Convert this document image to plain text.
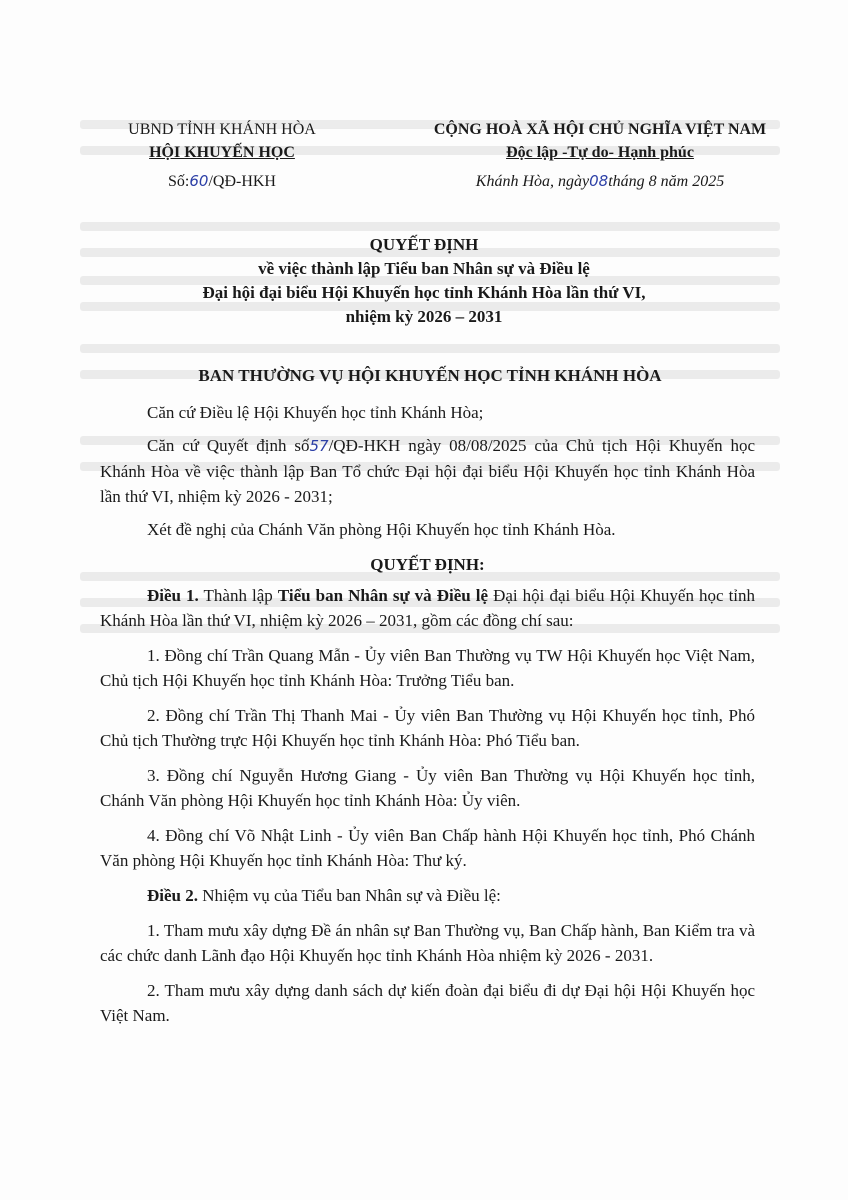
UBND TỈNH KHÁNH HÒA
HỘI KHUYẾN HỌC
Số:60/QĐ-HKH
CỘNG HOÀ XÃ HỘI CHỦ NGHĨA VIỆT NAM
Độc lập -Tự do- Hạnh phúc
Khánh Hòa, ngày08tháng 8 năm 2025
QUYẾT ĐỊNH
về việc thành lập Tiểu ban Nhân sự và Điều lệ
Đại hội đại biểu Hội Khuyến học tỉnh Khánh Hòa lần thứ VI,
nhiệm kỳ 2026 – 2031
BAN THƯỜNG VỤ HỘI KHUYẾN HỌC TỈNH KHÁNH HÒA

Căn cứ Điều lệ Hội Khuyến học tỉnh Khánh Hòa;

Căn cứ Quyết định số57/QĐ-HKH ngày 08/08/2025 của Chủ tịch Hội Khuyến học Khánh Hòa về việc thành lập Ban Tổ chức Đại hội đại biểu Hội Khuyến học tỉnh Khánh Hòa lần thứ VI, nhiệm kỳ 2026 - 2031;

Xét đề nghị của Chánh Văn phòng Hội Khuyến học tỉnh Khánh Hòa.

QUYẾT ĐỊNH:

Điều 1. Thành lập Tiểu ban Nhân sự và Điều lệ Đại hội đại biểu Hội Khuyến học tỉnh Khánh Hòa lần thứ VI, nhiệm kỳ 2026 – 2031, gồm các đồng chí sau:

1. Đồng chí Trần Quang Mẫn - Ủy viên Ban Thường vụ TW Hội Khuyến học Việt Nam, Chủ tịch Hội Khuyến học tỉnh Khánh Hòa: Trưởng Tiểu ban.

2. Đồng chí Trần Thị Thanh Mai - Ủy viên Ban Thường vụ Hội Khuyến học tỉnh, Phó Chủ tịch Thường trực Hội Khuyến học tỉnh Khánh Hòa: Phó Tiểu ban.

3. Đồng chí Nguyễn Hương Giang - Ủy viên Ban Thường vụ Hội Khuyến học tỉnh, Chánh Văn phòng Hội Khuyến học tỉnh Khánh Hòa: Ủy viên.

4. Đồng chí Võ Nhật Linh - Ủy viên Ban Chấp hành Hội Khuyến học tỉnh, Phó Chánh Văn phòng Hội Khuyến học tỉnh Khánh Hòa: Thư ký.

Điều 2. Nhiệm vụ của Tiểu ban Nhân sự và Điều lệ:

1. Tham mưu xây dựng Đề án nhân sự Ban Thường vụ, Ban Chấp hành, Ban Kiểm tra và các chức danh Lãnh đạo Hội Khuyến học tỉnh Khánh Hòa nhiệm kỳ 2026 - 2031.

2. Tham mưu xây dựng danh sách dự kiến đoàn đại biểu đi dự Đại hội Hội Khuyến học Việt Nam.
